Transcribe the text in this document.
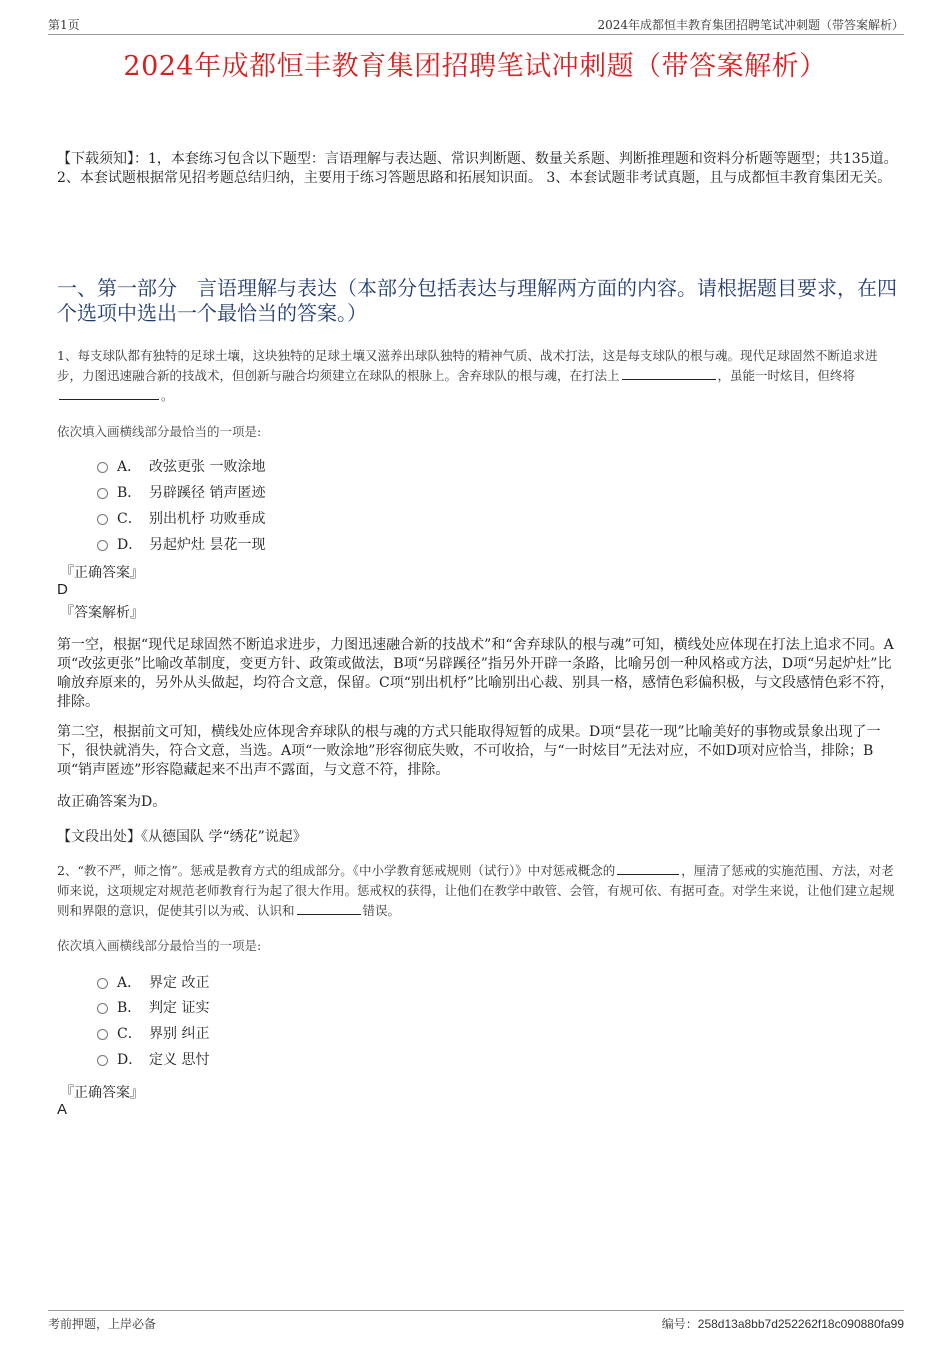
第1页	2024年成都恒丰教育集团招聘笔试冲刺题（带答案解析）
2024年成都恒丰教育集团招聘笔试冲刺题（带答案解析）
【下载须知】：1，本套练习包含以下题型：言语理解与表达题、常识判断题、数量关系题、判断推理题和资料分析题等题型；共135道。 2、本套试题根据常见招考题总结归纳，主要用于练习答题思路和拓展知识面。 3、本套试题非考试真题，且与成都恒丰教育集团无关。
一、第一部分　言语理解与表达（本部分包括表达与理解两方面的内容。请根据题目要求，在四个选项中选出一个最恰当的答案。）
1、每支球队都有独特的足球土壤，这块独特的足球土壤又滋养出球队独特的精神气质、战术打法，这是每支球队的根与魂。现代足球固然不断追求进步，力图迅速融合新的技战术，但创新与融合均须建立在球队的根脉上。舍弃球队的根与魂，在打法上	，虽能一时炫目，但终将。
依次填入画横线部分最恰当的一项是:
A． 改弦更张 一败涂地
B． 另辟蹊径 销声匿迹
C． 别出机杼 功败垂成
D． 另起炉灶 昙花一现
『正确答案』
D
『答案解析』
第一空，根据“现代足球固然不断追求进步，力图迅速融合新的技战术”和“舍弃球队的根与魂”可知，横线处应体现在打法上追求不同。A项“改弦更张”比喻改革制度，变更方针、政策或做法，B项“另辟蹊径”指另外开辟一条路，比喻另创一种风格或方法，D项“另起炉灶”比喻放弃原来的，另外从头做起，均符合文意，保留。C项“别出机杼”比喻别出心裁、别具一格，感情色彩偏积极，与文段感情色彩不符，排除。
第二空，根据前文可知，横线处应体现舍弃球队的根与魂的方式只能取得短暂的成果。D项“昙花一现”比喻美好的事物或景象出现了一下，很快就消失，符合文意，当选。A项“一败涂地”形容彻底失败，不可收拾，与“一时炫目”无法对应，不如D项对应恰当，排除；B项“销声匿迹”形容隐藏起来不出声不露面，与文意不符，排除。
故正确答案为D。
【文段出处】《从德国队 学“绣花”说起》
2、“教不严，师之惰”。惩戒是教育方式的组成部分。《中小学教育惩戒规则（试行）》中对惩戒概念的	，厘清了惩戒的实施范围、方法，对老师来说，这项规定对规范老师教育行为起了很大作用。惩戒权的获得，让他们在教学中敢管、会管，有规可依、有据可查。对学生来说，让他们建立起规则和界限的意识，促使其引以为戒、认识和	错误。
依次填入画横线部分最恰当的一项是:
A． 界定 改正
B． 判定 证实
C． 界别 纠正
D． 定义 思忖
『正确答案』
A
考前押题，上岸必备	编号：258d13a8bb7d252262f18c090880fa99
